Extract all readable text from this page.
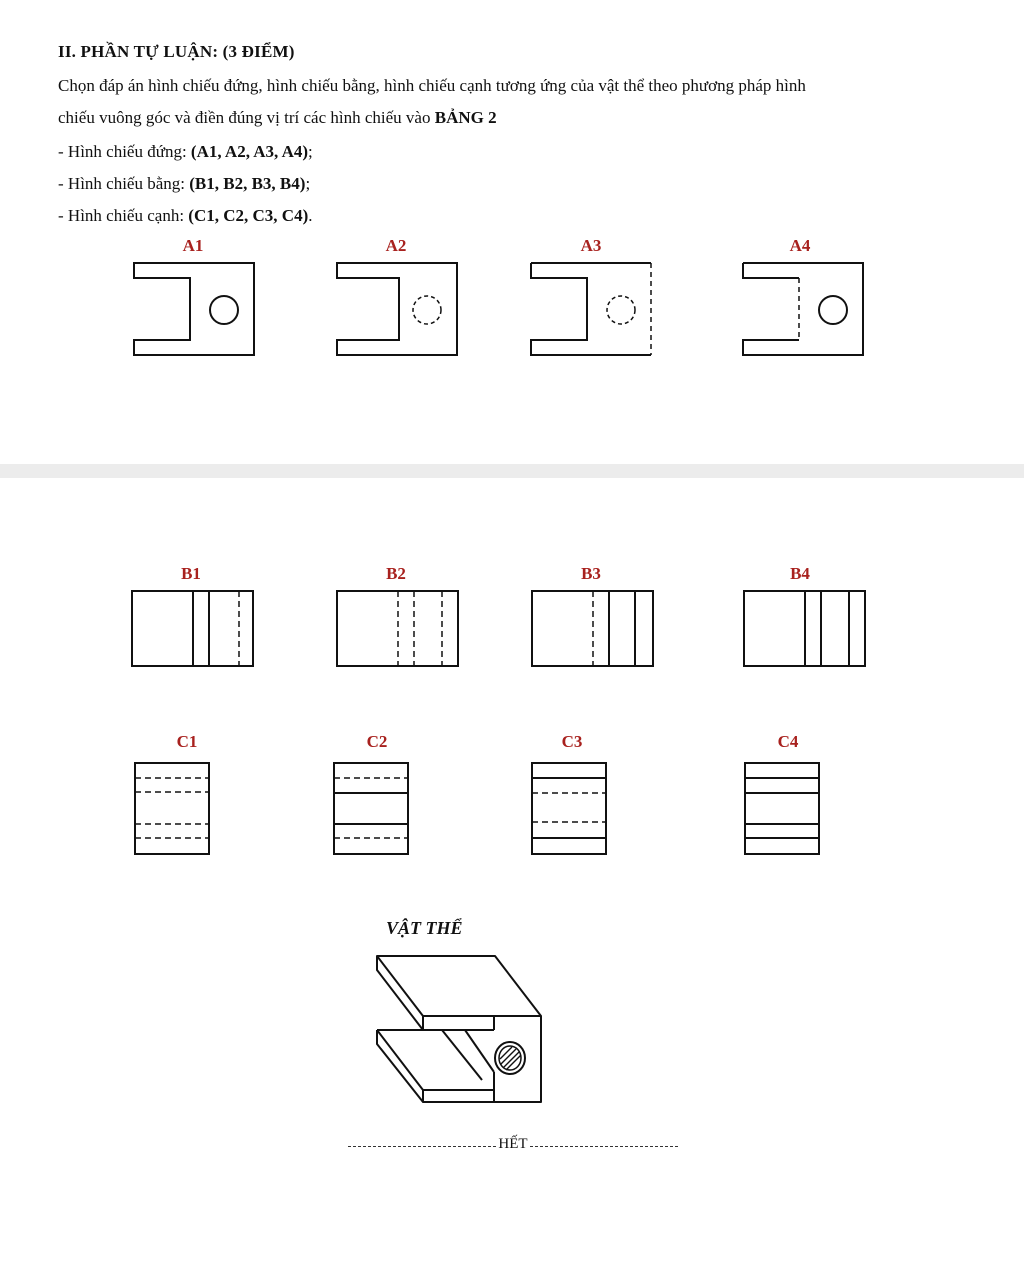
II. PHẦN TỰ LUẬN: (3 ĐIỂM)
Chọn đáp án hình chiếu đứng, hình chiếu bằng, hình chiếu cạnh tương ứng của vật thể theo phương pháp hình
chiếu vuông góc và điền đúng vị trí các hình chiếu vào BẢNG 2
- Hình chiếu đứng: (A1, A2, A3, A4);
- Hình chiếu bằng: (B1, B2, B3, B4);
- Hình chiếu cạnh: (C1, C2, C3, C4).
A1	A2	A3	A4
B1	B2	B3	B4
C1	C2	C3	C4
VẬT THỂ
HẾT
